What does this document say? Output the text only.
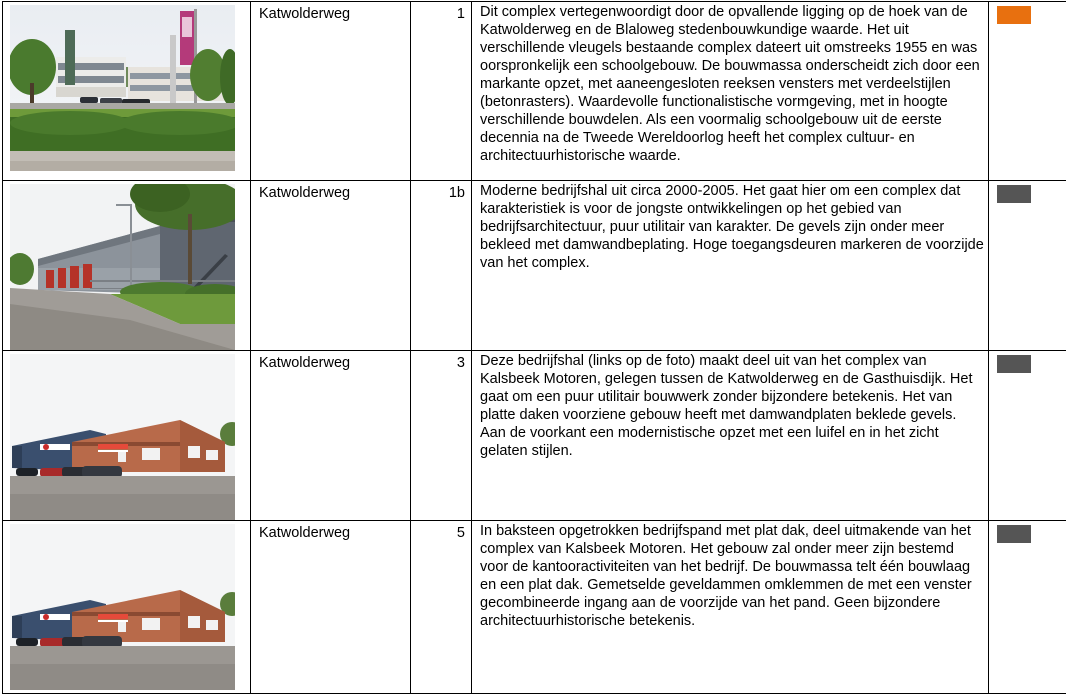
Katwolderweg	1	Dit complex vertegenwoordigt door de opvallende ligging op de hoek van de Katwolderweg en de Blaloweg stedenbouwkundige waarde. Het uit verschillende vleugels bestaande complex dateert uit omstreeks 1955 en was oorspronkelijk een schoolgebouw. De bouwmassa onderscheidt zich door een markante opzet, met aaneengesloten reeksen vensters met verdeelstijlen (betonrasters). Waardevolle functionalistische vormgeving, met in hoogte verschillende bouwdelen. Als een voormalig schoolgebouw uit de eerste decennia na de Tweede Wereldoorlog heeft het complex cultuur- en architectuurhistorische waarde.	

Katwolderweg	1b	Moderne bedrijfshal uit circa 2000-2005. Het gaat hier om een complex dat karakteristiek is voor de jongste ontwikkelingen op het gebied van bedrijfsarchitectuur, puur utilitair van karakter. De gevels zijn onder meer bekleed met damwandbeplating. Hoge toegangsdeuren markeren de voorzijde van het complex.	

Katwolderweg	3	Deze bedrijfshal (links op de foto) maakt deel uit van het complex van Kalsbeek Motoren, gelegen tussen de Katwolderweg en de Gasthuisdijk. Het gaat om een puur utilitair bouwwerk zonder bijzondere betekenis. Het van platte daken voorziene gebouw heeft met damwandplaten beklede gevels. Aan de voorkant een modernistische opzet met een luifel en in het zicht gelaten stijlen.	

Katwolderweg	5	In baksteen opgetrokken bedrijfspand met plat dak, deel uitmakende van het complex van Kalsbeek Motoren. Het gebouw zal onder meer zijn bestemd voor de kantooractiviteiten van het bedrijf. De bouwmassa telt één bouwlaag en een plat dak. Gemetselde geveldammen omklemmen de met een venster gecombineerde ingang aan de voorzijde van het pand. Geen bijzondere architectuurhistorische betekenis.	
